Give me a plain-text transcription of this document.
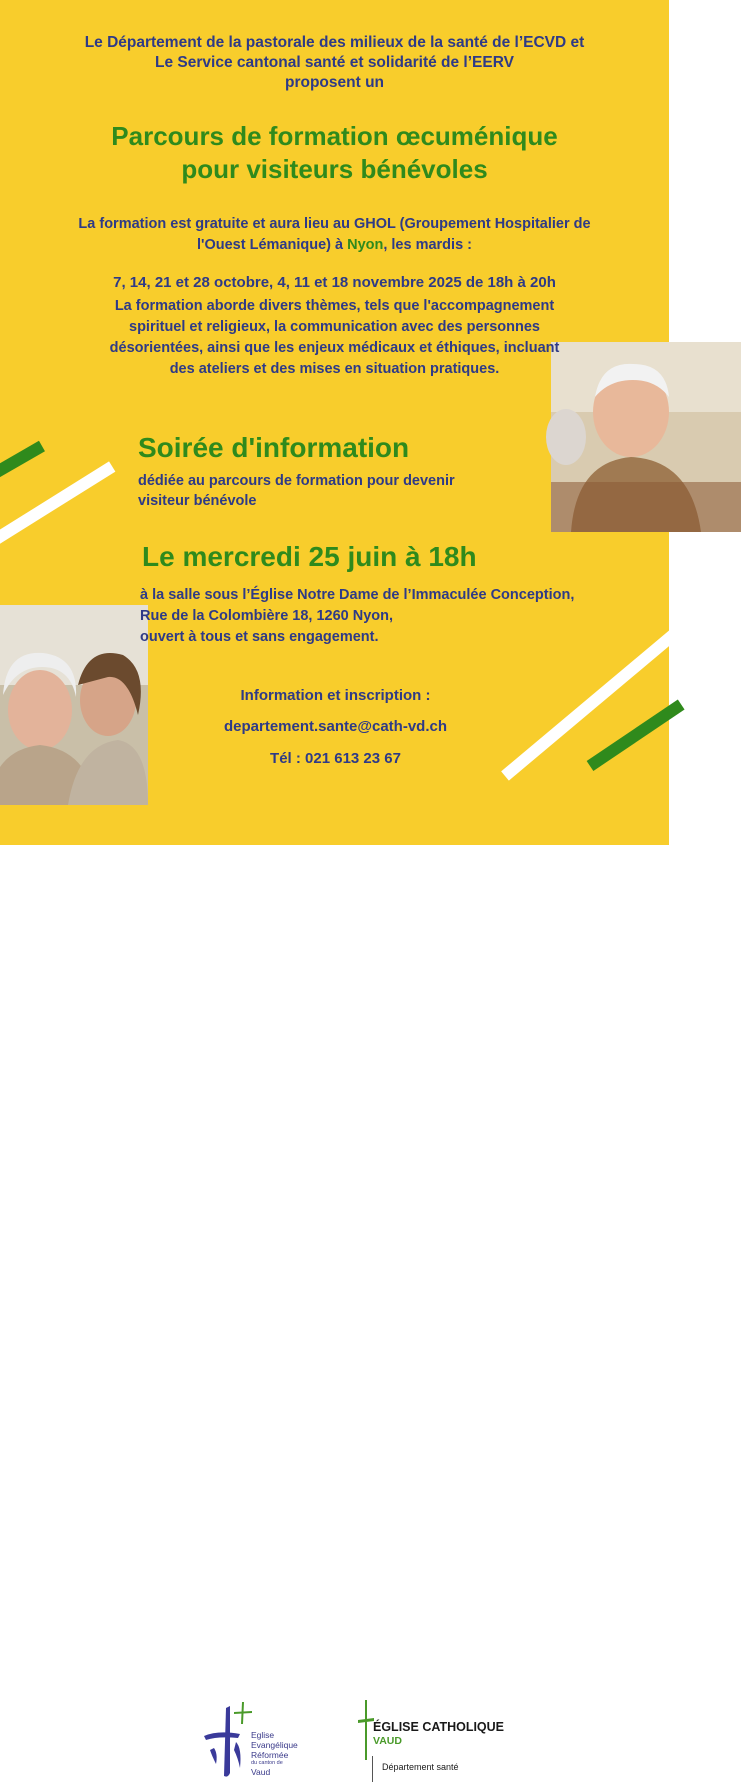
Le Département de la pastorale des milieux de la santé de l’ECVD et
Le Service cantonal santé et solidarité de l’EERV
proposent un
Parcours de formation œcuménique
pour visiteurs bénévoles
La formation est gratuite et aura lieu au GHOL (Groupement Hospitalier de
l'Ouest Lémanique) à Nyon, les mardis :
7, 14, 21 et 28 octobre, 4, 11 et 18 novembre 2025 de 18h à 20h
La formation aborde divers thèmes, tels que l'accompagnement
spirituel et religieux, la communication avec des personnes
désorientées, ainsi que les enjeux médicaux et éthiques, incluant
des ateliers et des mises en situation pratiques.
Soirée d'information
dédiée au parcours de formation pour devenir
visiteur bénévole
Le mercredi 25 juin à 18h
à la salle sous l’Église Notre Dame de l’Immaculée Conception,
Rue de la Colombière 18, 1260 Nyon,
ouvert à tous et sans engagement.
Information et inscription :
departement.sante@cath-vd.ch
Tél : 021 613 23 67
Eglise
Evangélique
Réformée
du canton de
Vaud
ÉGLISE CATHOLIQUE
VAUD
Département santé
